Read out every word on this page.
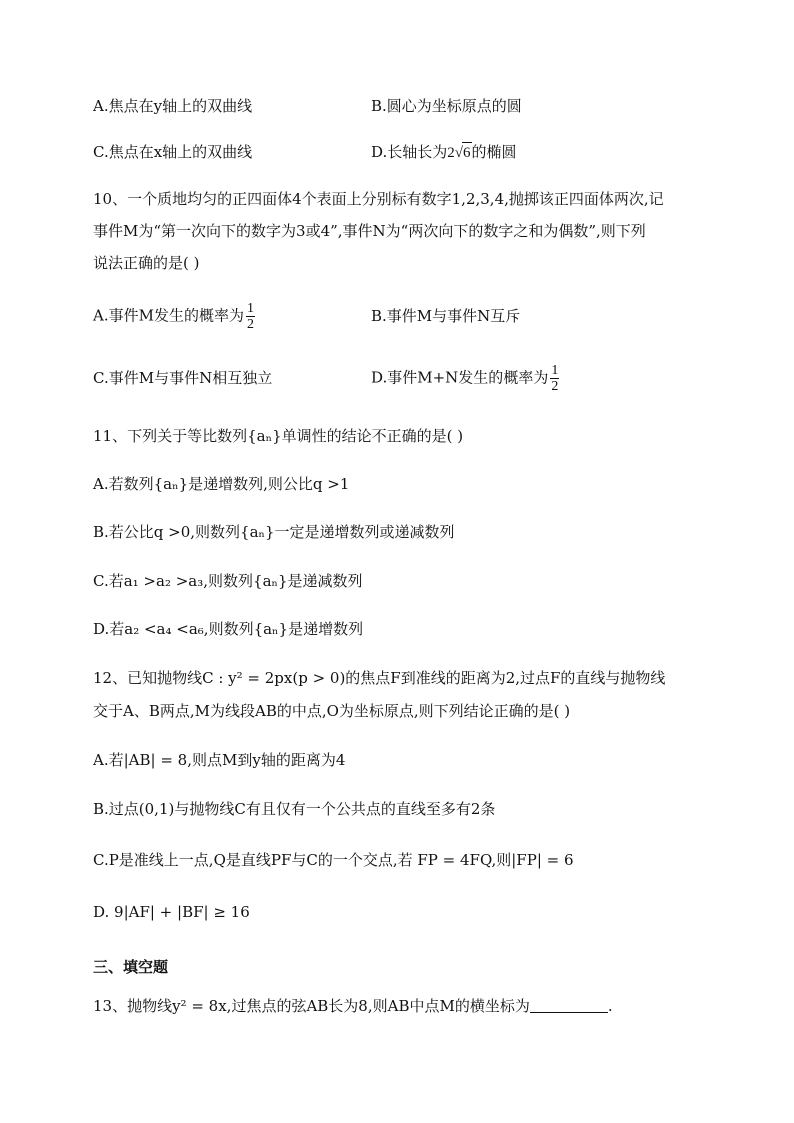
A.焦点在y轴上的双曲线	B.圆心为坐标原点的圆
C.焦点在x轴上的双曲线	D.长轴长为2√6的椭圆
10、一个质地均匀的正四面体4个表面上分别标有数字1,2,3,4,抛掷该正四面体两次,记
事件M为“第一次向下的数字为3或4”,事件N为“两次向下的数字之和为偶数”,则下列
说法正确的是( )
A.事件M发生的概率为 $\frac{1}{2}$	B.事件M与事件N互斥
C.事件M与事件N相互独立	D.事件M+N发生的概率为 $\frac{1}{2}$
11、下列关于等比数列{aₙ}单调性的结论不正确的是( )
A.若数列{aₙ}是递增数列,则公比q >1
B.若公比q >0,则数列{aₙ}一定是递增数列或递减数列
C.若a₁ >a₂ >a₃,则数列{aₙ}是递减数列
D.若a₂ <a₄ <a₆,则数列{aₙ}是递增数列
12、已知抛物线C : y² = 2px(p > 0)的焦点F到准线的距离为2,过点F的直线与抛物线
交于A、B两点,M为线段AB的中点,O为坐标原点,则下列结论正确的是( )
A.若|AB| = 8,则点M到y轴的距离为4
B.过点(0,1)与抛物线C有且仅有一个公共点的直线至多有2条
C.P是准线上一点,Q是直线PF与C的一个交点,若 FP = 4FQ,则|FP| = 6
D. 9|AF| + |BF| ≥ 16
三、填空题
13、抛物线y² = 8x,过焦点的弦AB长为8,则AB中点M的横坐标为	.
